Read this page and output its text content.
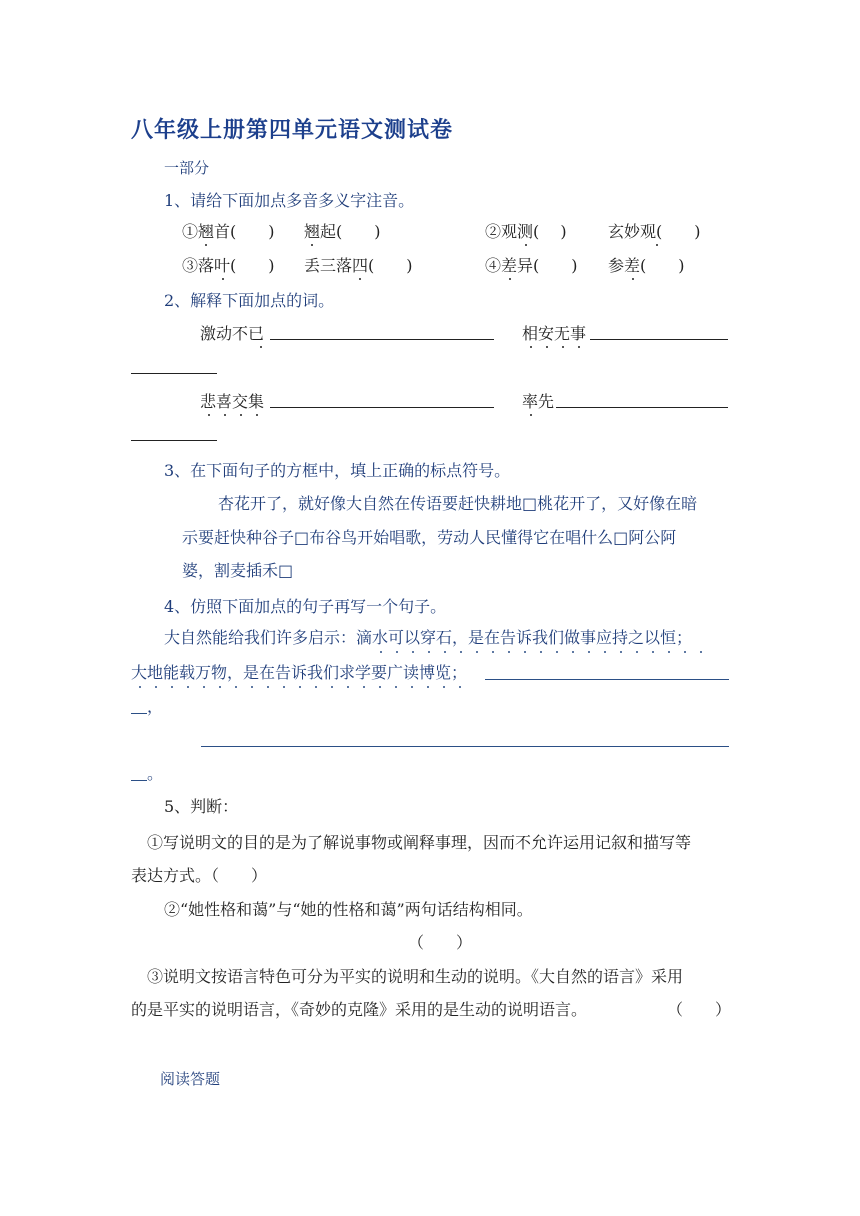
八年级上册第四单元语文测试卷
一部分
1、请给下面加点多音多义字注音。
①翘首(　　) 翘起(　　)	②观测(　 )	玄妙观(　　)
③落叶(　　) 丢三落四(　　)	④差异(　　) 参差(　　)
2、解释下面加点的词。
激动不已	相安无事
悲喜交集	率先
3、在下面句子的方框中，填上正确的标点符号。
杏花开了，就好像大自然在传语要赶快耕地□桃花开了，又好像在暗
示要赶快种谷子□布谷鸟开始唱歌，劳动人民懂得它在唱什么□阿公阿
婆，割麦插禾□
4、仿照下面加点的句子再写一个句子。
大自然能给我们许多启示：滴水可以穿石，是在告诉我们做事应持之以恒；
大地能载万物，是在告诉我们求学要广读博览；
，
。
5、判断：
①写说明文的目的是为了解说事物或阐释事理，因而不允许运用记叙和描写等
表达方式。（　　）
②“她性格和蔼”与“她的性格和蔼”两句话结构相同。
（　　）
③说明文按语言特色可分为平实的说明和生动的说明。《大自然的语言》采用
的是平实的说明语言，《奇妙的克隆》采用的是生动的说明语言。	（　　）
阅读答题
